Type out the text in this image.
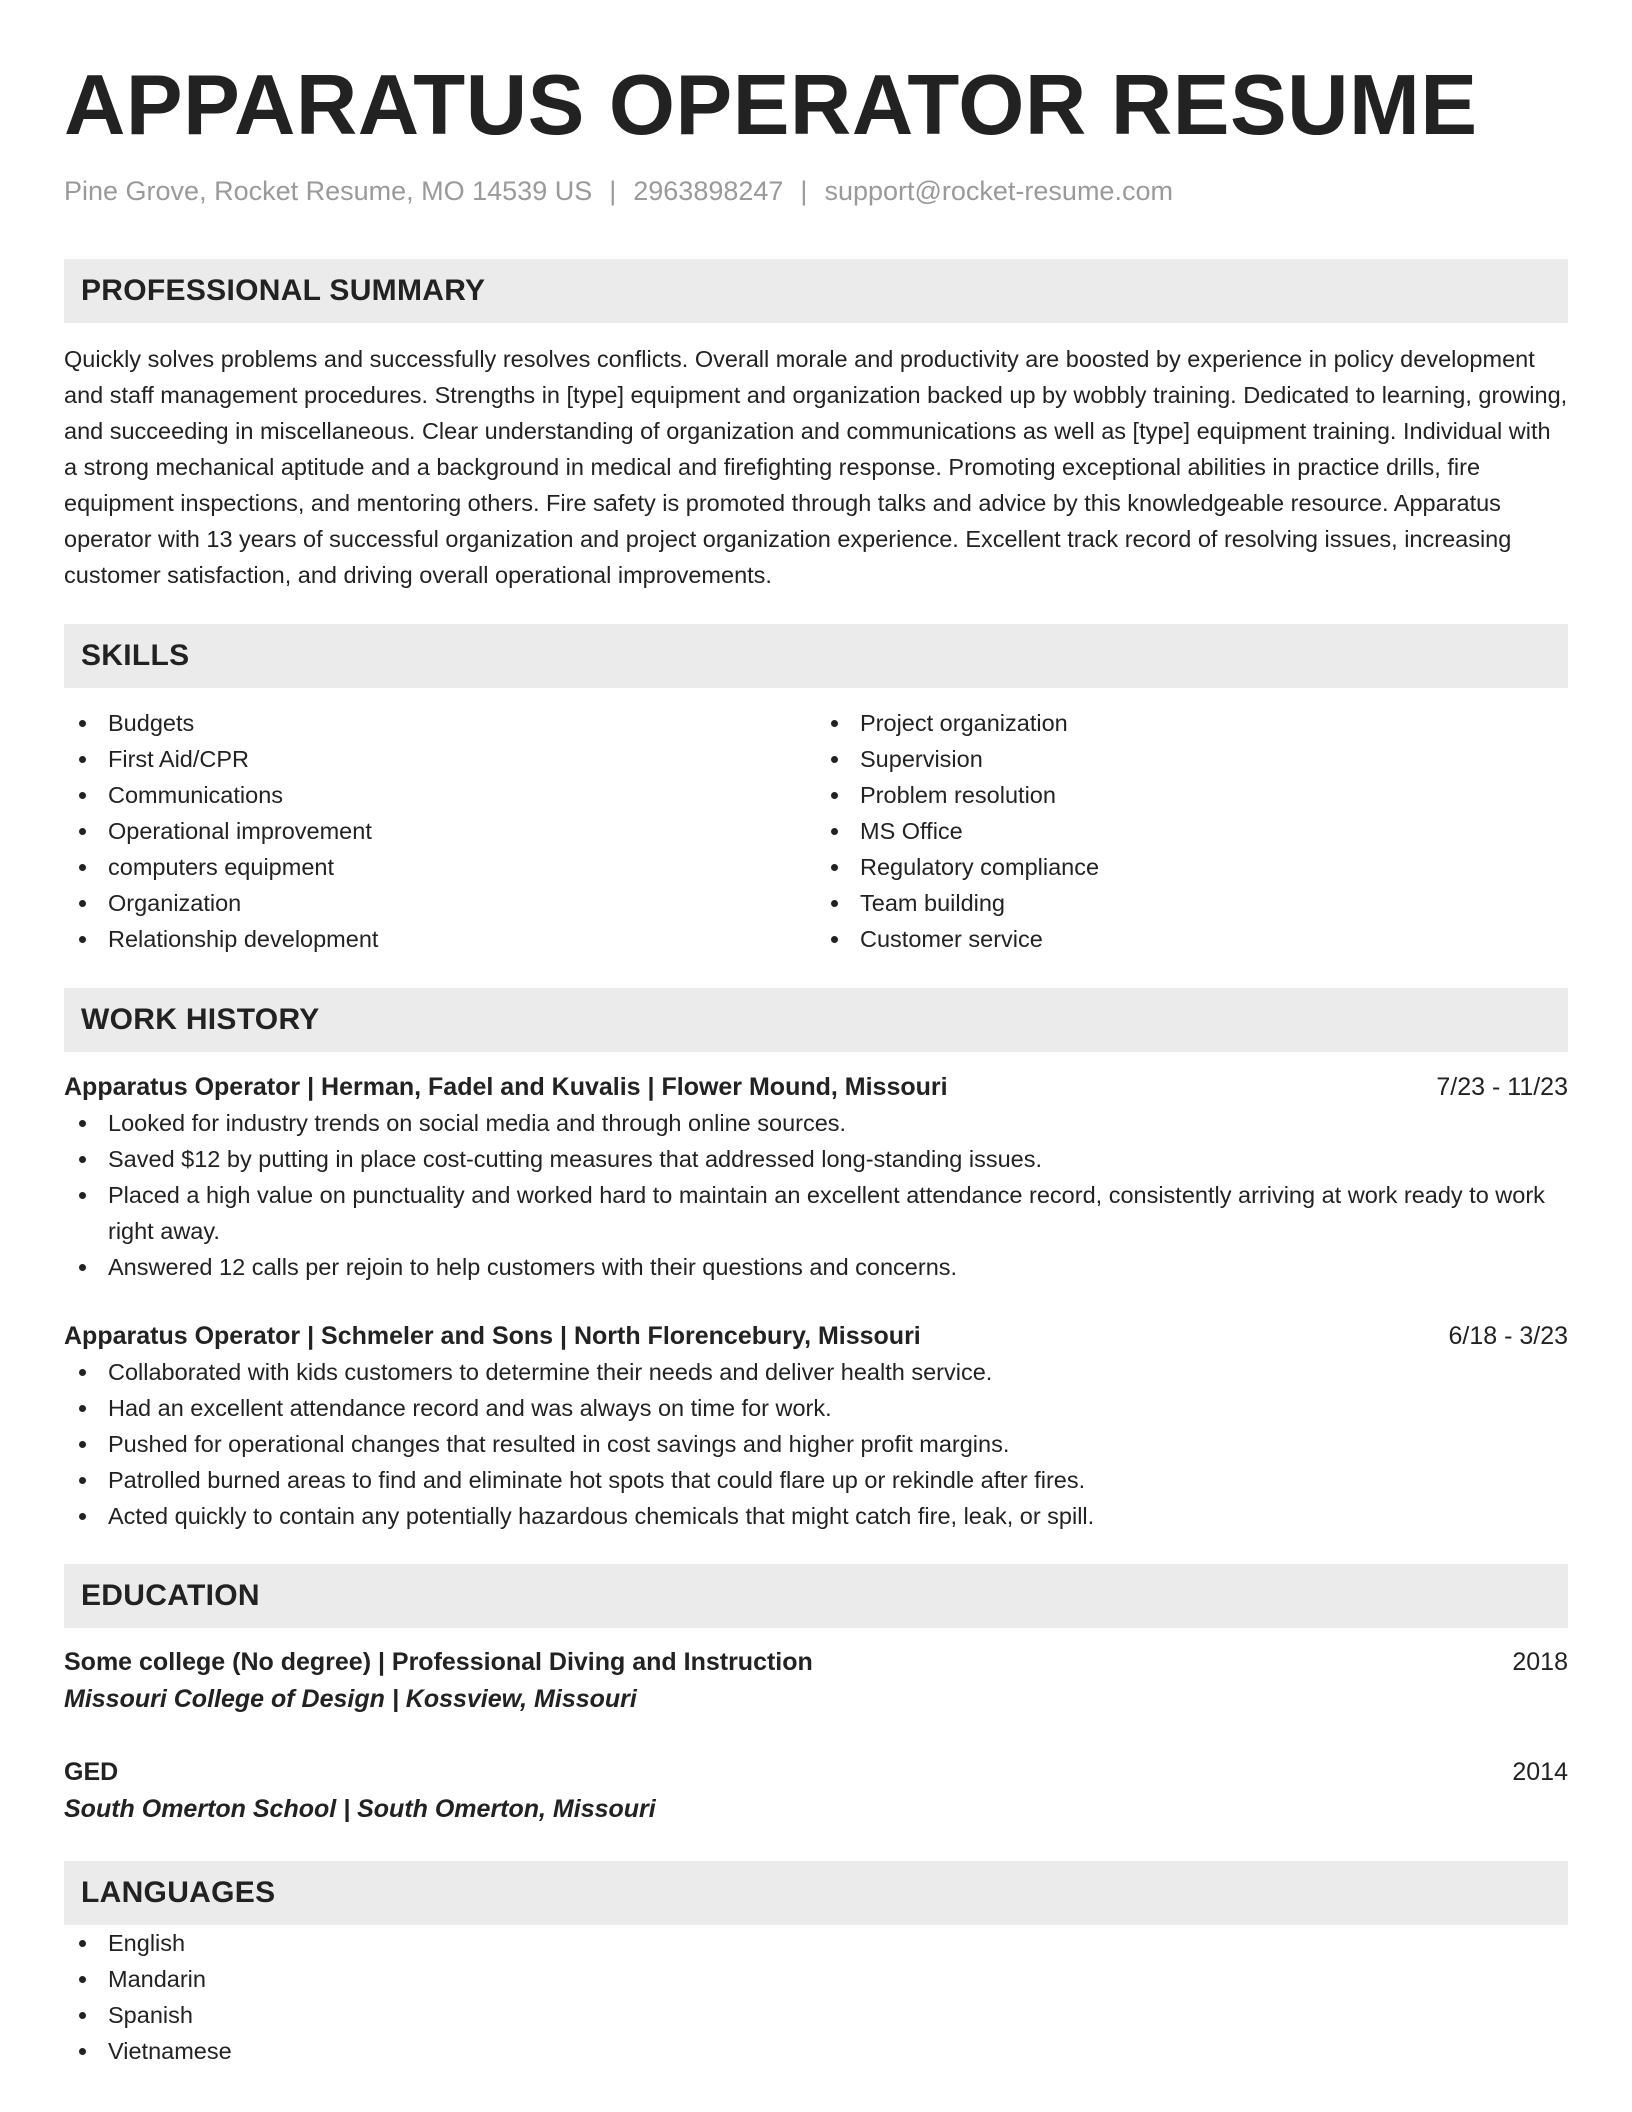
APPARATUS OPERATOR RESUME
Pine Grove, Rocket Resume, MO 14539 US | 2963898247 | support@rocket-resume.com
PROFESSIONAL SUMMARY

Quickly solves problems and successfully resolves conflicts. Overall morale and productivity are boosted by experience in policy development and staff management procedures. Strengths in [type] equipment and organization backed up by wobbly training. Dedicated to learning, growing, and succeeding in miscellaneous. Clear understanding of organization and communications as well as [type] equipment training. Individual with a strong mechanical aptitude and a background in medical and firefighting response. Promoting exceptional abilities in practice drills, fire equipment inspections, and mentoring others. Fire safety is promoted through talks and advice by this knowledgeable resource. Apparatus operator with 13 years of successful organization and project organization experience. Excellent track record of resolving issues, increasing customer satisfaction, and driving overall operational improvements.

SKILLS
Budgets
First Aid/CPR
Communications
Operational improvement
computers equipment
Organization
Relationship development
Project organization
Supervision
Problem resolution
MS Office
Regulatory compliance
Team building
Customer service
WORK HISTORY
Apparatus Operator | Herman, Fadel and Kuvalis | Flower Mound, Missouri	7/23 - 11/23
Looked for industry trends on social media and through online sources.
Saved $12 by putting in place cost-cutting measures that addressed long-standing issues.
Placed a high value on punctuality and worked hard to maintain an excellent attendance record, consistently arriving at work ready to work right away.
Answered 12 calls per rejoin to help customers with their questions and concerns.
Apparatus Operator | Schmeler and Sons | North Florencebury, Missouri	6/18 - 3/23
Collaborated with kids customers to determine their needs and deliver health service.
Had an excellent attendance record and was always on time for work.
Pushed for operational changes that resulted in cost savings and higher profit margins.
Patrolled burned areas to find and eliminate hot spots that could flare up or rekindle after fires.
Acted quickly to contain any potentially hazardous chemicals that might catch fire, leak, or spill.
EDUCATION
Some college (No degree) | Professional Diving and Instruction	2018
Missouri College of Design | Kossview, Missouri
GED	2014
South Omerton School | South Omerton, Missouri
LANGUAGES
English
Mandarin
Spanish
Vietnamese
